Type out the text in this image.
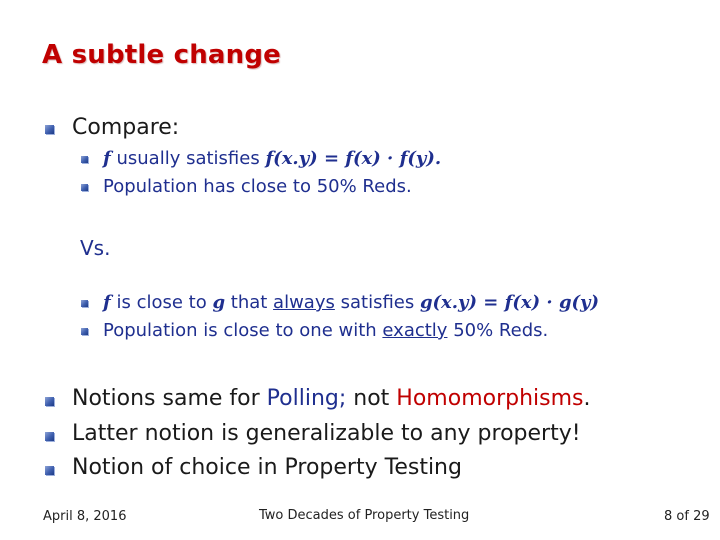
A subtle change
Compare:
f usually satisfies f(x.y) = f(x) · f(y).
Population has close to 50% Reds.
Vs.
f is close to g that always satisfies g(x.y) = f(x) · g(y)
Population is close to one with exactly 50% Reds.
Notions same for Polling; not Homomorphisms.
Latter notion is generalizable to any property!
Notion of choice in Property Testing
April 8, 2016	Two Decades of Property Testing	8 of 29
